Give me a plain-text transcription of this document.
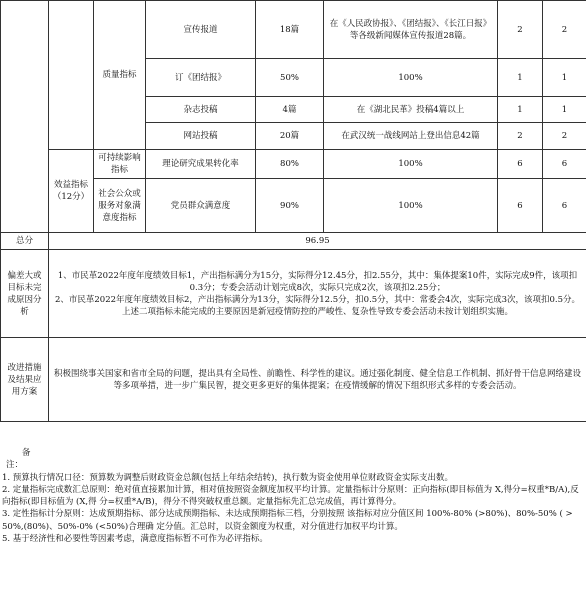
		质量指标	宣传报道	18篇	在《人民政协报》、《团结报》、《长江日报》等各级新闻媒体宣传报道28篇。	2	2
			订《团结报》	50%	100%	1	1
			杂志投稿	4篇	在《湖北民革》投稿4篇以上	1	1
			网站投稿	20篇	在武汉统一战线网站上登出信息42篇	2	2
	效益指标（12分）	可持续影响指标	理论研究成果转化率	80%	100%	6	6
		社会公众或服务对象满意度指标	党员群众满意度	90%	100%	6	6
总分	96.95						
偏差大或目标未完成原因分析	1、市民革2022年度年度绩效目标1，产出指标满分为15分，实际得分12.45分，扣2.55分，其中：集体提案10件，实际完成9件，该项扣0.3分；专委会活动计划完成8次，实际只完成2次，该项扣2.25分；
2、市民革2022年度年度绩效目标2，产出指标满分为13分，实际得分12.5分，扣0.5分，其中：常委会4次，实际完成3次，该项扣0.5分。
上述二项指标未能完成的主要原因是新冠疫情防控的严峻性、复杂性导致专委会活动未按计划组织实施。						

改进措施及结果应用方案	积极围绕事关国家和省市全局的问题，提出具有全局性、前瞻性、科学性的建议。通过强化制度、健全信息工作机制、抓好骨干信息网络建设等多项举措，进一步广集民智，提交更多更好的集体提案；在疫情缓解的情况下组织形式多样的专委会活动。						
备
注：

1. 预算执行情况口径：预算数为调整后财政资金总额(包括上年结余结转)，执行数为资金使用单位财政资金实际支出数。

2. 定量指标完成数汇总原则：绝对值直接累加计算，相对值按照资金额度加权平均计算。定量指标计分原则：正向指标(即目标值为 X,得分=权重*B/A),反向指标(即目标值为 (X,得 分=权重*A/B)，得分不得突破权重总额。定量指标先汇总完成值，再计算得分。

3. 定性指标计分原则：达成预期指标、部分达成预期指标、未达成预期指标三档，分别按照 该指标对应分值区间 100%-80% (>80%)、80%-50% ( > 50%,(80%)、50%-0% (<50%)合理确 定分值。汇总时，以资金额度为权重，对分值进行加权平均计算。

5. 基于经济性和必要性等因素考虑，满意度指标暂不可作为必评指标。
